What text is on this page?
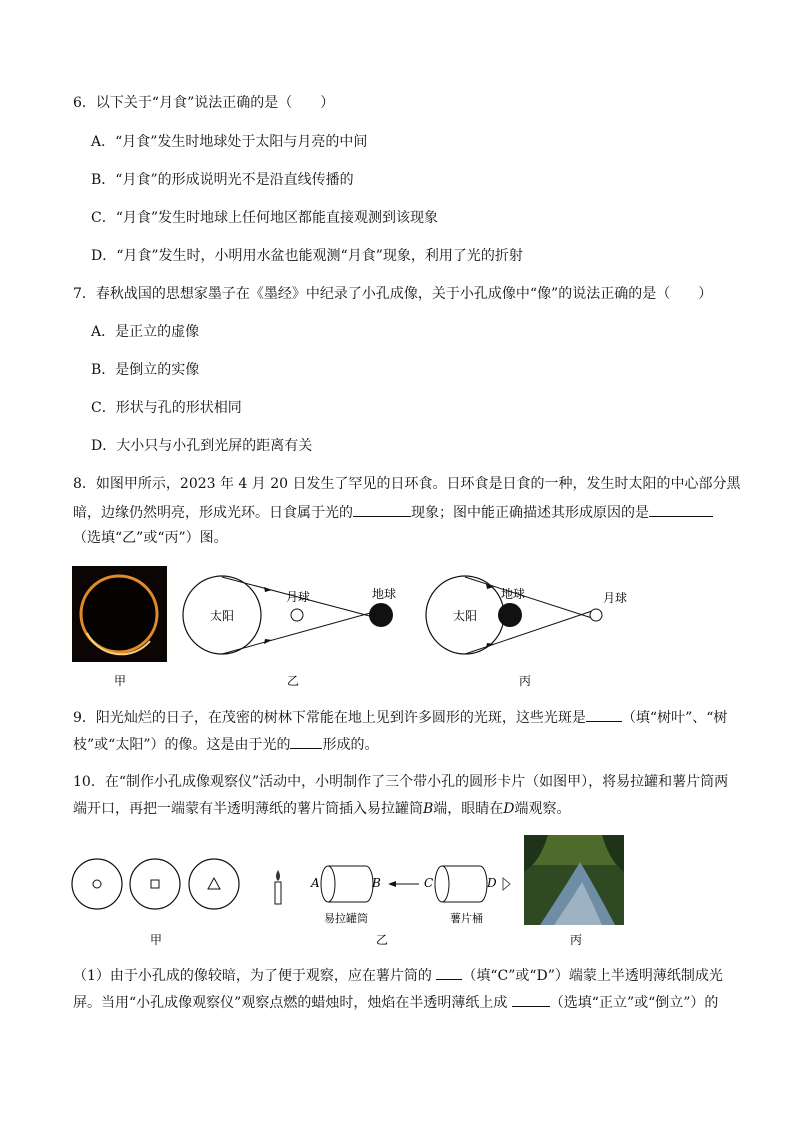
6．以下关于“月食”说法正确的是（　　）
A．“月食”发生时地球处于太阳与月亮的中间
B．“月食”的形成说明光不是沿直线传播的
C．“月食”发生时地球上任何地区都能直接观测到该现象
D．“月食”发生时，小明用水盆也能观测“月食”现象，利用了光的折射
7．春秋战国的思想家墨子在《墨经》中纪录了小孔成像，关于小孔成像中“像”的说法正确的是（　　）
A．是正立的虚像
B．是倒立的实像
C．形状与孔的形状相同
D．大小只与小孔到光屏的距离有关
8．如图甲所示，2023 年 4 月 20 日发生了罕见的日环食。日环食是日食的一种，发生时太阳的中心部分黑
暗，边缘仍然明亮，形成光环。日食属于光的	现象；图中能正确描述其形成原因的是
（选填“乙”或“丙”）图。
太阳
月球	地球
太阳
地球	月球
甲	乙	丙
9．阳光灿烂的日子，在茂密的树林下常能在地上见到许多圆形的光斑，这些光斑是	（填“树叶”、“树
枝”或“太阳”）的像。这是由于光的 形成的。
10．在“制作小孔成像观察仪”活动中，小明制作了三个带小孔的圆形卡片（如图甲），将易拉罐和薯片筒两
端开口，再把一端蒙有半透明薄纸的薯片筒插入易拉罐筒B端，眼睛在D端观察。
A	B
易拉罐筒
C	D
薯片桶
甲	乙	丙
（1）由于小孔成的像较暗，为了便于观察，应在薯片筒的 （填“C”或“D”）端蒙上半透明薄纸制成光
屏。当用“小孔成像观察仪”观察点燃的蜡烛时，烛焰在半透明薄纸上成	（选填“正立”或“倒立”）的
